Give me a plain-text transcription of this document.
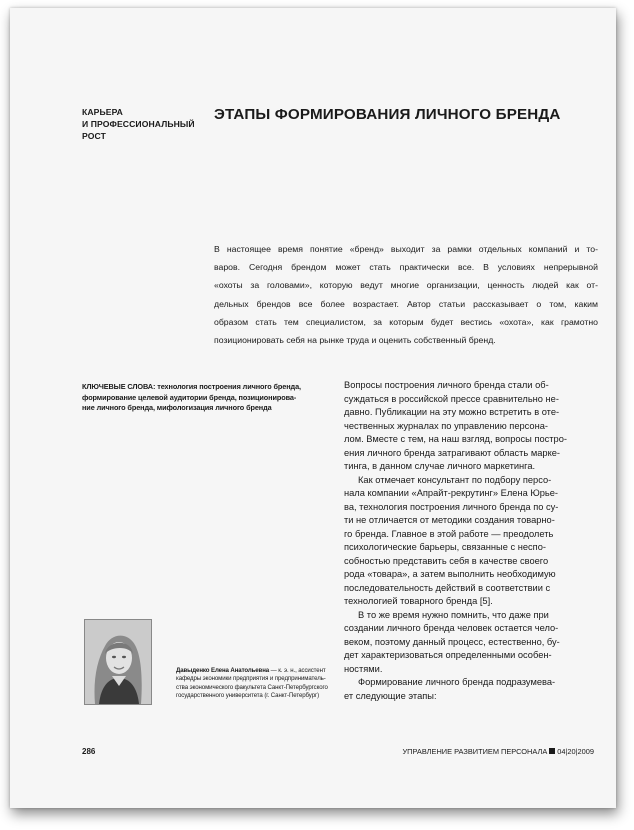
КАРЬЕРА
И ПРОФЕССИОНАЛЬНЫЙ
РОСТ
ЭТАПЫ ФОРМИРОВАНИЯ ЛИЧНОГО БРЕНДА
В настоящее время понятие «бренд» выходит за рамки отдельных компаний и то-
варов. Сегодня брендом может стать практически все. В условиях непрерывной
«охоты за головами», которую ведут многие организации, ценность людей как от-
дельных брендов все более возрастает. Автор статьи рассказывает о том, каким
образом стать тем специалистом, за которым будет вестись «охота», как грамотно
позиционировать себя на рынке труда и оценить собственный бренд.
КЛЮЧЕВЫЕ СЛОВА: технология построения личного бренда,
формирование целевой аудитории бренда, позиционирова-
ние личного бренда, мифологизация личного бренда
Вопросы построения личного бренда стали об-
суждаться в российской прессе сравнительно не-
давно. Публикации на эту можно встретить в оте-
чественных журналах по управлению персона-
лом. Вместе с тем, на наш взгляд, вопросы постро-
ения личного бренда затрагивают область марке-
тинга, в данном случае личного маркетинга.
Как отмечает консультант по подбору персо-
нала компании «Апрайт-рекрутинг» Елена Юрье-
ва, технология построения личного бренда по су-
ти не отличается от методики создания товарно-
го бренда. Главное в этой работе — преодолеть
психологические барьеры, связанные с неспо-
собностью представить себя в качестве своего
рода «товара», а затем выполнить необходимую
последовательность действий в соответствии с
технологией товарного бренда [5].
В то же время нужно помнить, что даже при
создании личного бренда человек остается чело-
веком, поэтому данный процесс, естественно, бу-
дет характеризоваться определенными особен-
ностями.
Формирование личного бренда подразумева-
ет следующие этапы:
Давыденко Елена Анатольевна — к. э. н., ассистент
кафедры экономики предприятия и предприниматель-
ства экономического факультета Санкт-Петербургского
государственного университета (г. Санкт-Петербург)
286	УПРАВЛЕНИЕ РАЗВИТИЕМ ПЕРСОНАЛА 04|20|2009
